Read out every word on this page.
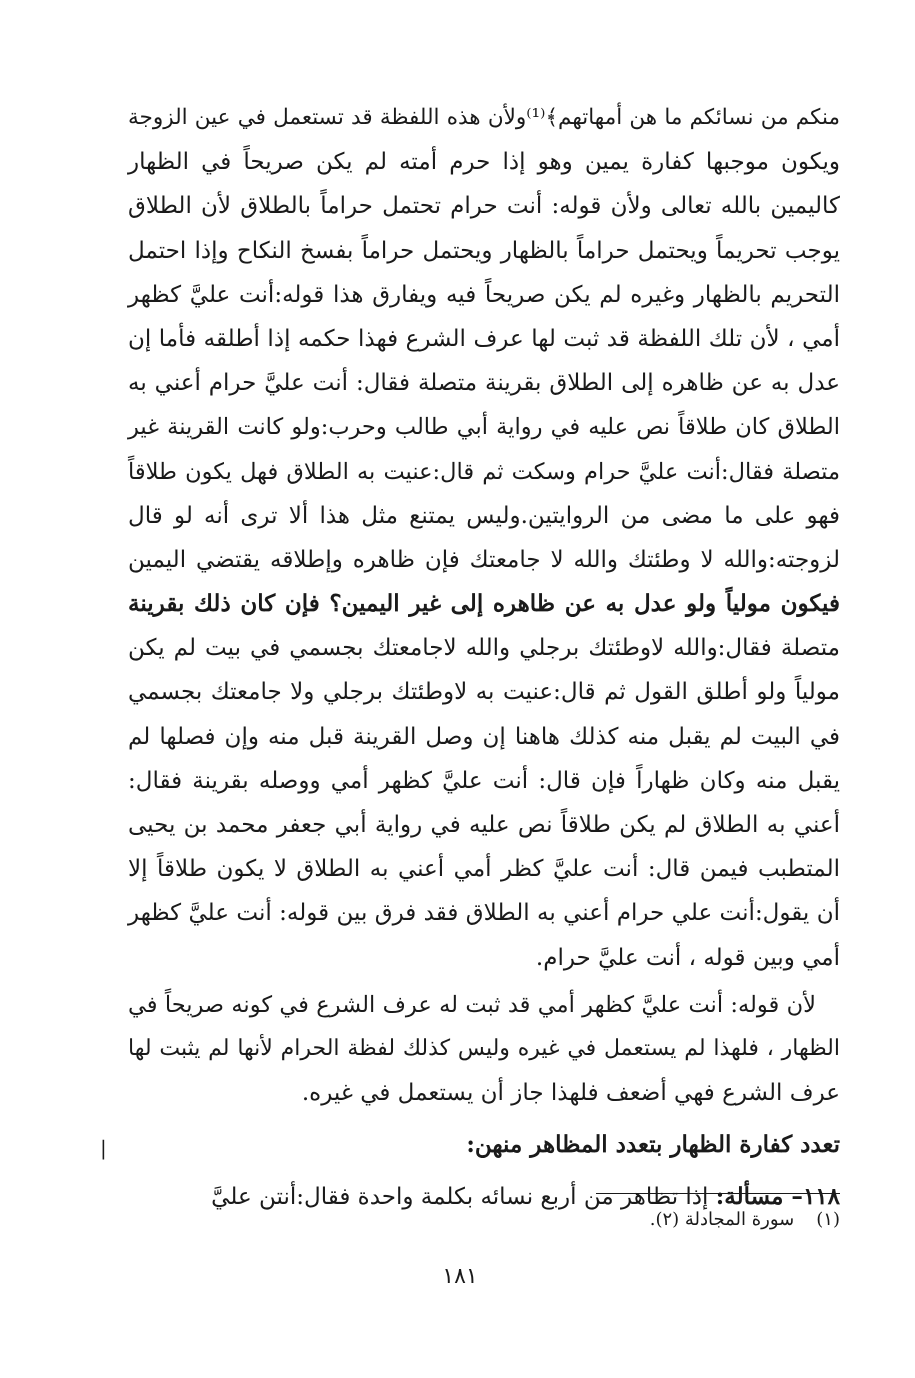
منكم من نسائكم ما هن أمهاتهم﴾⁽¹⁾ولأن هذه اللفظة قد تستعمل في عين الزوجة
ويكون موجبها كفارة يمين وهو إذا حرم أمته لم يكن صريحاً في الظهار
كاليمين بالله تعالى ولأن قوله: أنت حرام تحتمل حراماً بالطلاق لأن الطلاق
يوجب تحريماً ويحتمل حراماً بالظهار ويحتمل حراماً بفسخ النكاح وإذا احتمل
التحريم بالظهار وغيره لم يكن صريحاً فيه ويفارق هذا قوله:أنت عليَّ كظهر
أمي ، لأن تلك اللفظة قد ثبت لها عرف الشرع فهذا حكمه إذا أطلقه فأما إن
عدل به عن ظاهره إلى الطلاق بقرينة متصلة فقال: أنت عليَّ حرام أعني به
الطلاق كان طلاقاً نص عليه في رواية أبي طالب وحرب:ولو كانت القرينة غير
متصلة فقال:أنت عليَّ حرام وسكت ثم قال:عنيت به الطلاق فهل يكون طلاقاً
فهو على ما مضى من الروايتين.وليس يمتنع مثل هذا ألا ترى أنه لو قال
لزوجته:والله لا وطئتك والله لا جامعتك فإن ظاهره وإطلاقه يقتضي اليمين
فيكون مولياً ولو عدل به عن ظاهره إلى غير اليمين؟ فإن كان ذلك بقرينة
متصلة فقال:والله لاوطئتك برجلي والله لاجامعتك بجسمي في بيت لم يكن
مولياً ولو أطلق القول ثم قال:عنيت به لاوطئتك برجلي ولا جامعتك بجسمي
في البيت لم يقبل منه كذلك هاهنا إن وصل القرينة قبل منه وإن فصلها لم
يقبل منه وكان ظهاراً فإن قال: أنت عليَّ كظهر أمي ووصله بقرينة فقال:
أعني به الطلاق لم يكن طلاقاً نص عليه في رواية أبي جعفر محمد بن يحيى
المتطبب فيمن قال: أنت عليَّ كظر أمي أعني به الطلاق لا يكون طلاقاً إلا
أن يقول:أنت علي حرام أعني به الطلاق فقد فرق بين قوله: أنت عليَّ كظهر
أمي وبين قوله ، أنت عليَّ حرام.
لأن قوله: أنت عليَّ كظهر أمي قد ثبت له عرف الشرع في كونه صريحاً في
الظهار ، فلهذا لم يستعمل في غيره وليس كذلك لفظة الحرام لأنها لم يثبت لها
عرف الشرع فهي أضعف فلهذا جاز أن يستعمل في غيره.
تعدد كفارة الظهار بتعدد المظاهر منهن:
١١٨– مسألة: إذا تظاهر من أربع نسائه بكلمة واحدة فقال:أنتن عليَّ
|
(١)سورة المجادلة (٢).
١٨١
